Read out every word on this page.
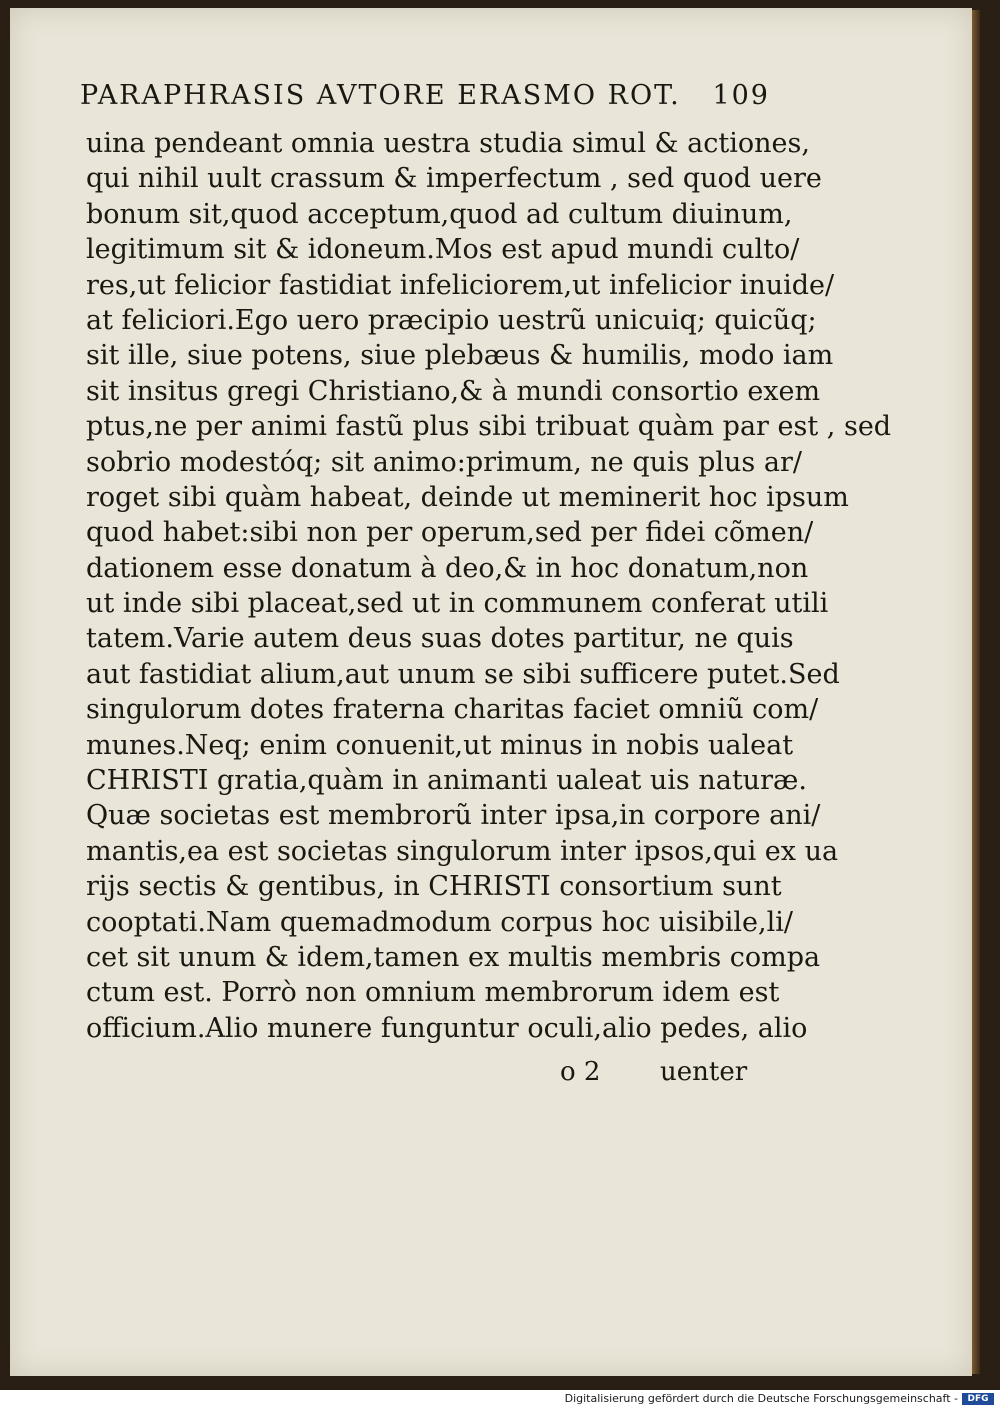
PARAPHRASIS AVTORE ERASMO ROT. 109
uina pendeant omnia uestra studia simul & actiones,
qui nihil uult crassum & imperfectum , sed quod uere
bonum sit,quod acceptum,quod ad cultum diuinum,
legitimum sit & idoneum.Mos est apud mundi culto/
res,ut felicior fastidiat infeliciorem,ut infelicior inuide/
at feliciori.Ego uero præcipio uestrũ unicuiq; quicũq;
sit ille, siue potens, siue plebæus & humilis, modo iam
sit insitus gregi Christiano,& à mundi consortio exem
ptus,ne per animi fastũ plus sibi tribuat quàm par est , sed
sobrio modestóq; sit animo:primum, ne quis plus ar/
roget sibi quàm habeat, deinde ut meminerit hoc ipsum
quod habet:sibi non per operum,sed per fidei cõmen/
dationem esse donatum à deo,& in hoc donatum,non
ut inde sibi placeat,sed ut in communem conferat utili
tatem.Varie autem deus suas dotes partitur, ne quis
aut fastidiat alium,aut unum se sibi sufficere putet.Sed
singulorum dotes fraterna charitas faciet omniũ com/
munes.Neq; enim conuenit,ut minus in nobis ualeat
CHRISTI gratia,quàm in animanti ualeat uis naturæ.
Quæ societas est membrorũ inter ipsa,in corpore ani/
mantis,ea est societas singulorum inter ipsos,qui ex ua
rijs sectis & gentibus, in CHRISTI consortium sunt
cooptati.Nam quemadmodum corpus hoc uisibile,li/
cet sit unum & idem,tamen ex multis membris compa
ctum est. Porrò non omnium membrorum idem est
officium.Alio munere funguntur oculi,alio pedes, alio
o 2 uenter
Digitalisierung gefördert durch die Deutsche Forschungsgemeinschaft -	DFG
